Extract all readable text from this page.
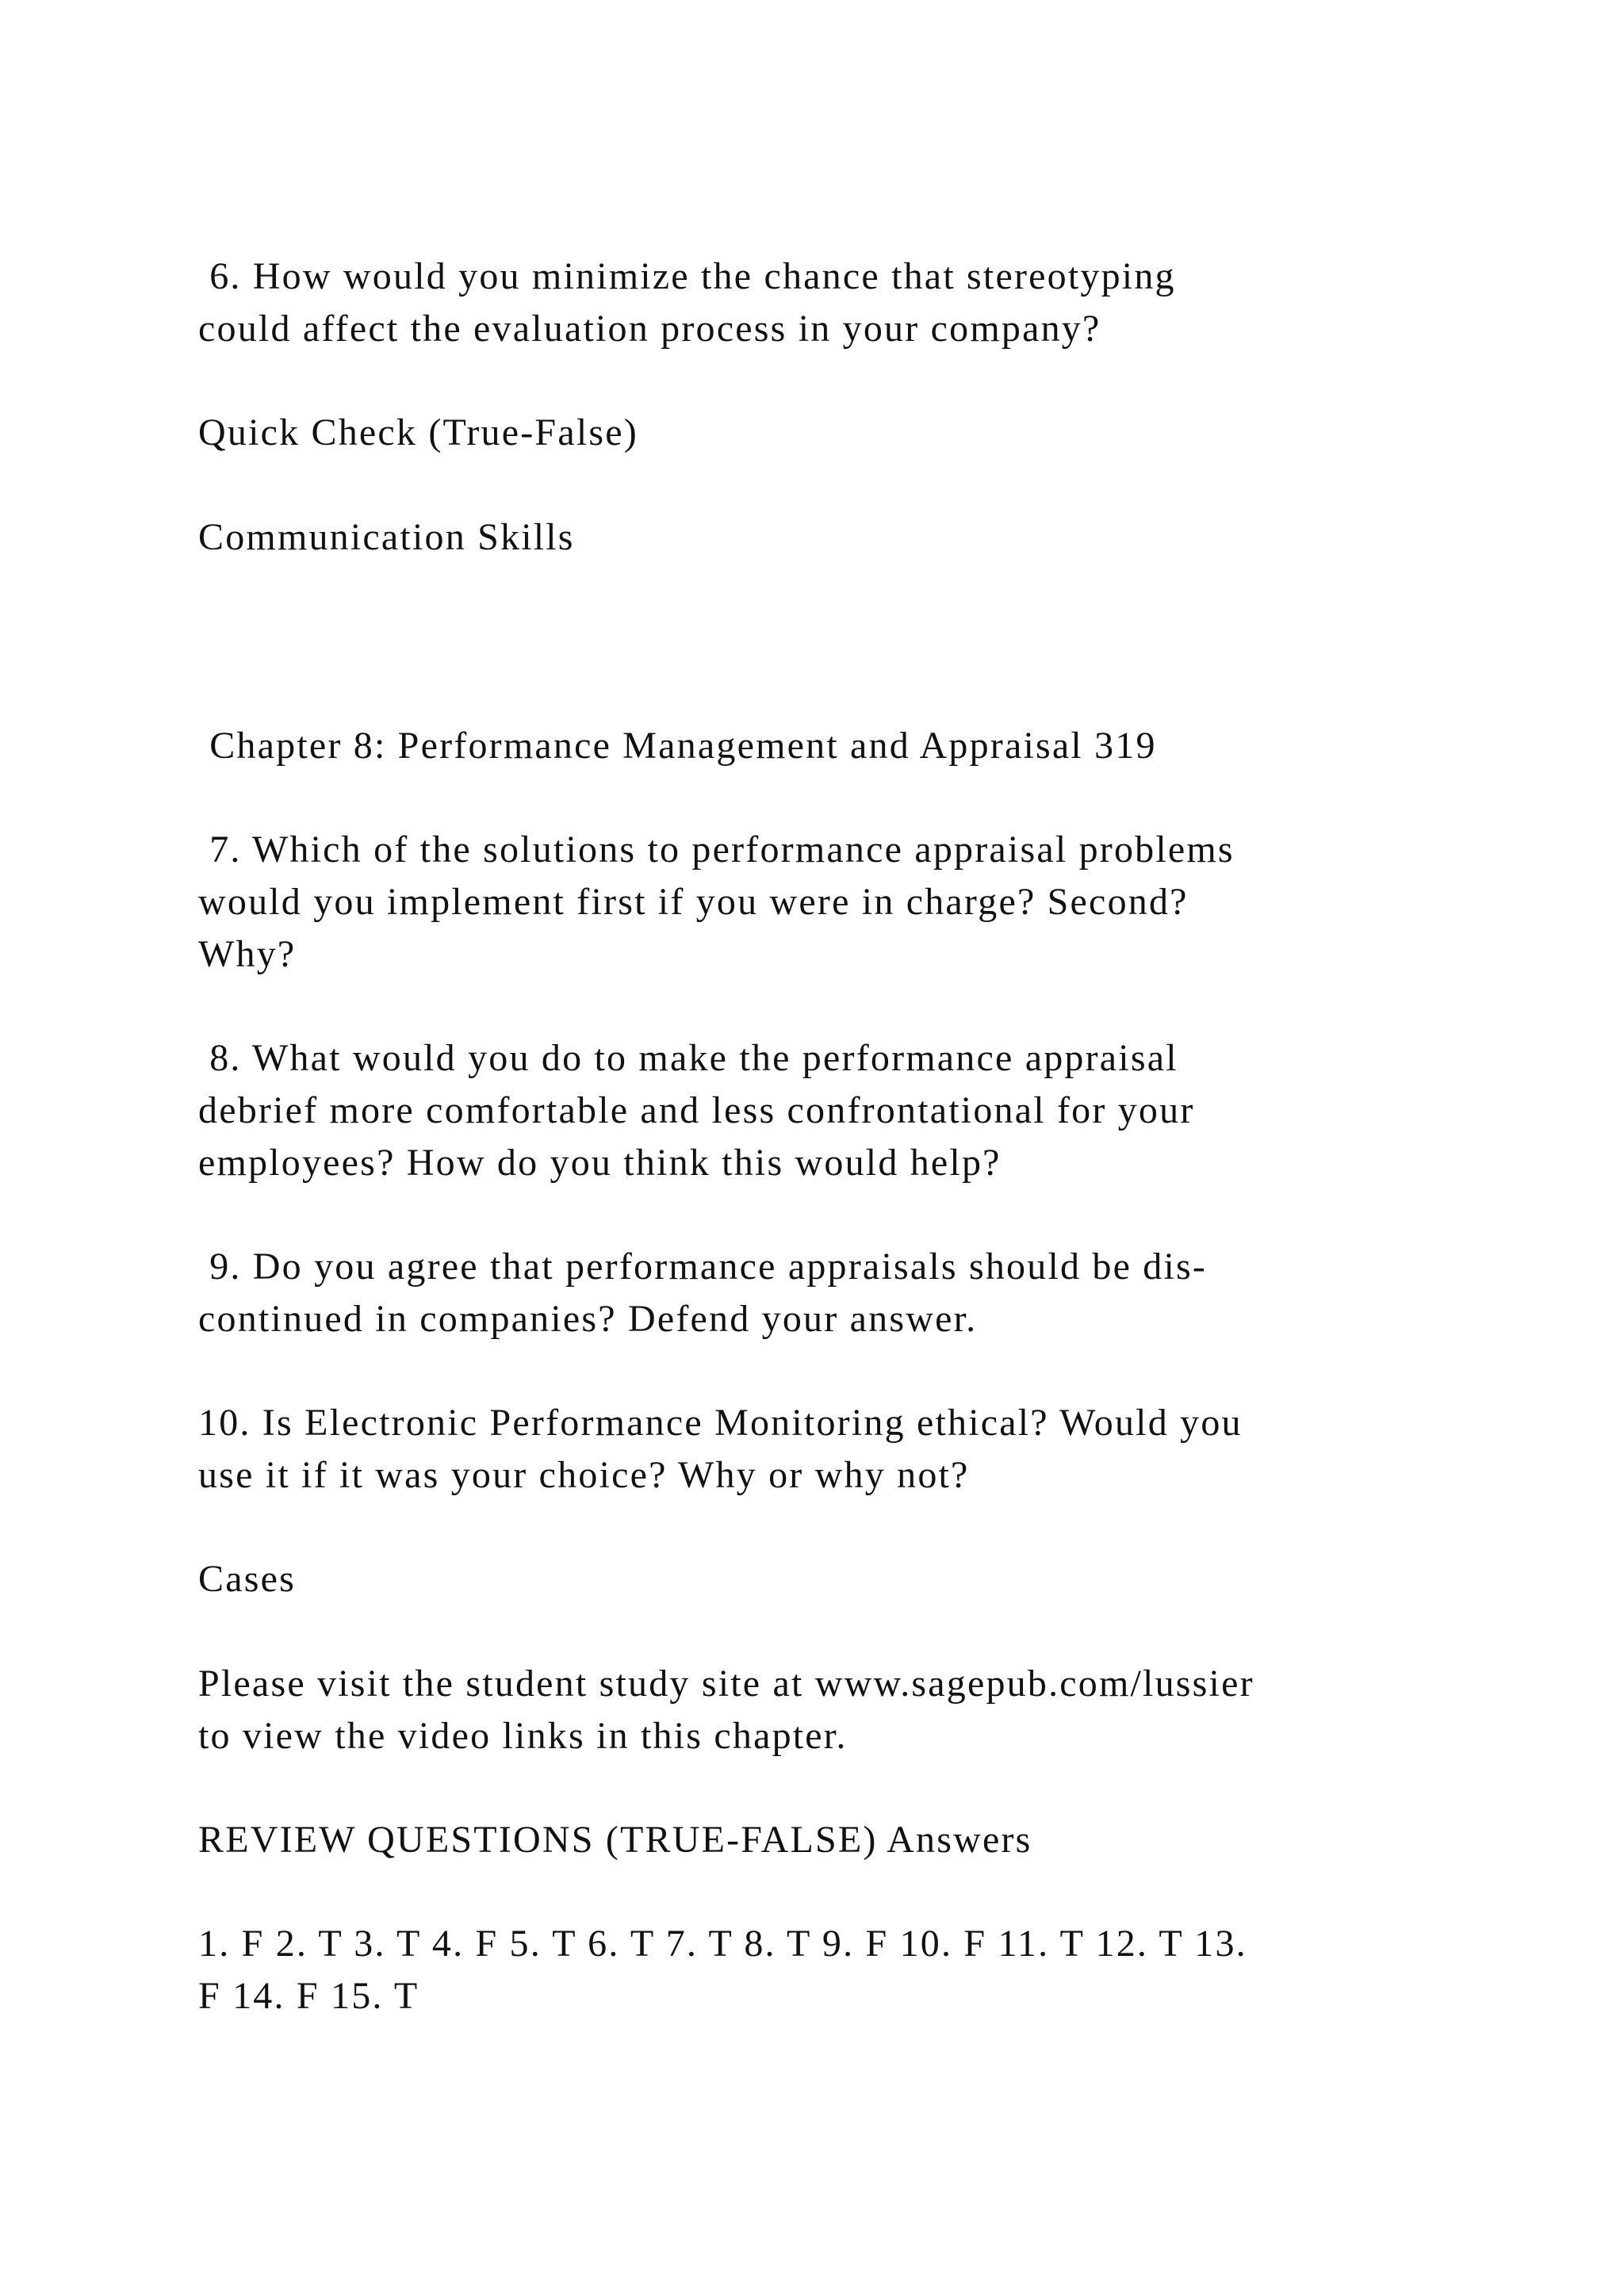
6. How would you minimize the chance that stereotyping

could affect the evaluation process in your company?

Quick Check (True-False)

Communication Skills

Chapter 8: Performance Management and Appraisal 319

7. Which of the solutions to performance appraisal problems

would you implement first if you were in charge? Second?

Why?

8. What would you do to make the performance appraisal

debrief more comfortable and less confrontational for your

employees? How do you think this would help?

9. Do you agree that performance appraisals should be dis-

continued in companies? Defend your answer.

10. Is Electronic Performance Monitoring ethical? Would you

use it if it was your choice? Why or why not?

Cases

Please visit the student study site at www.sagepub.com/lussier

to view the video links in this chapter.

REVIEW QUESTIONS (TRUE-FALSE) Answers

1. F 2. T 3. T 4. F 5. T 6. T 7. T 8. T 9. F 10. F 11. T 12. T 13.

F 14. F 15. T
